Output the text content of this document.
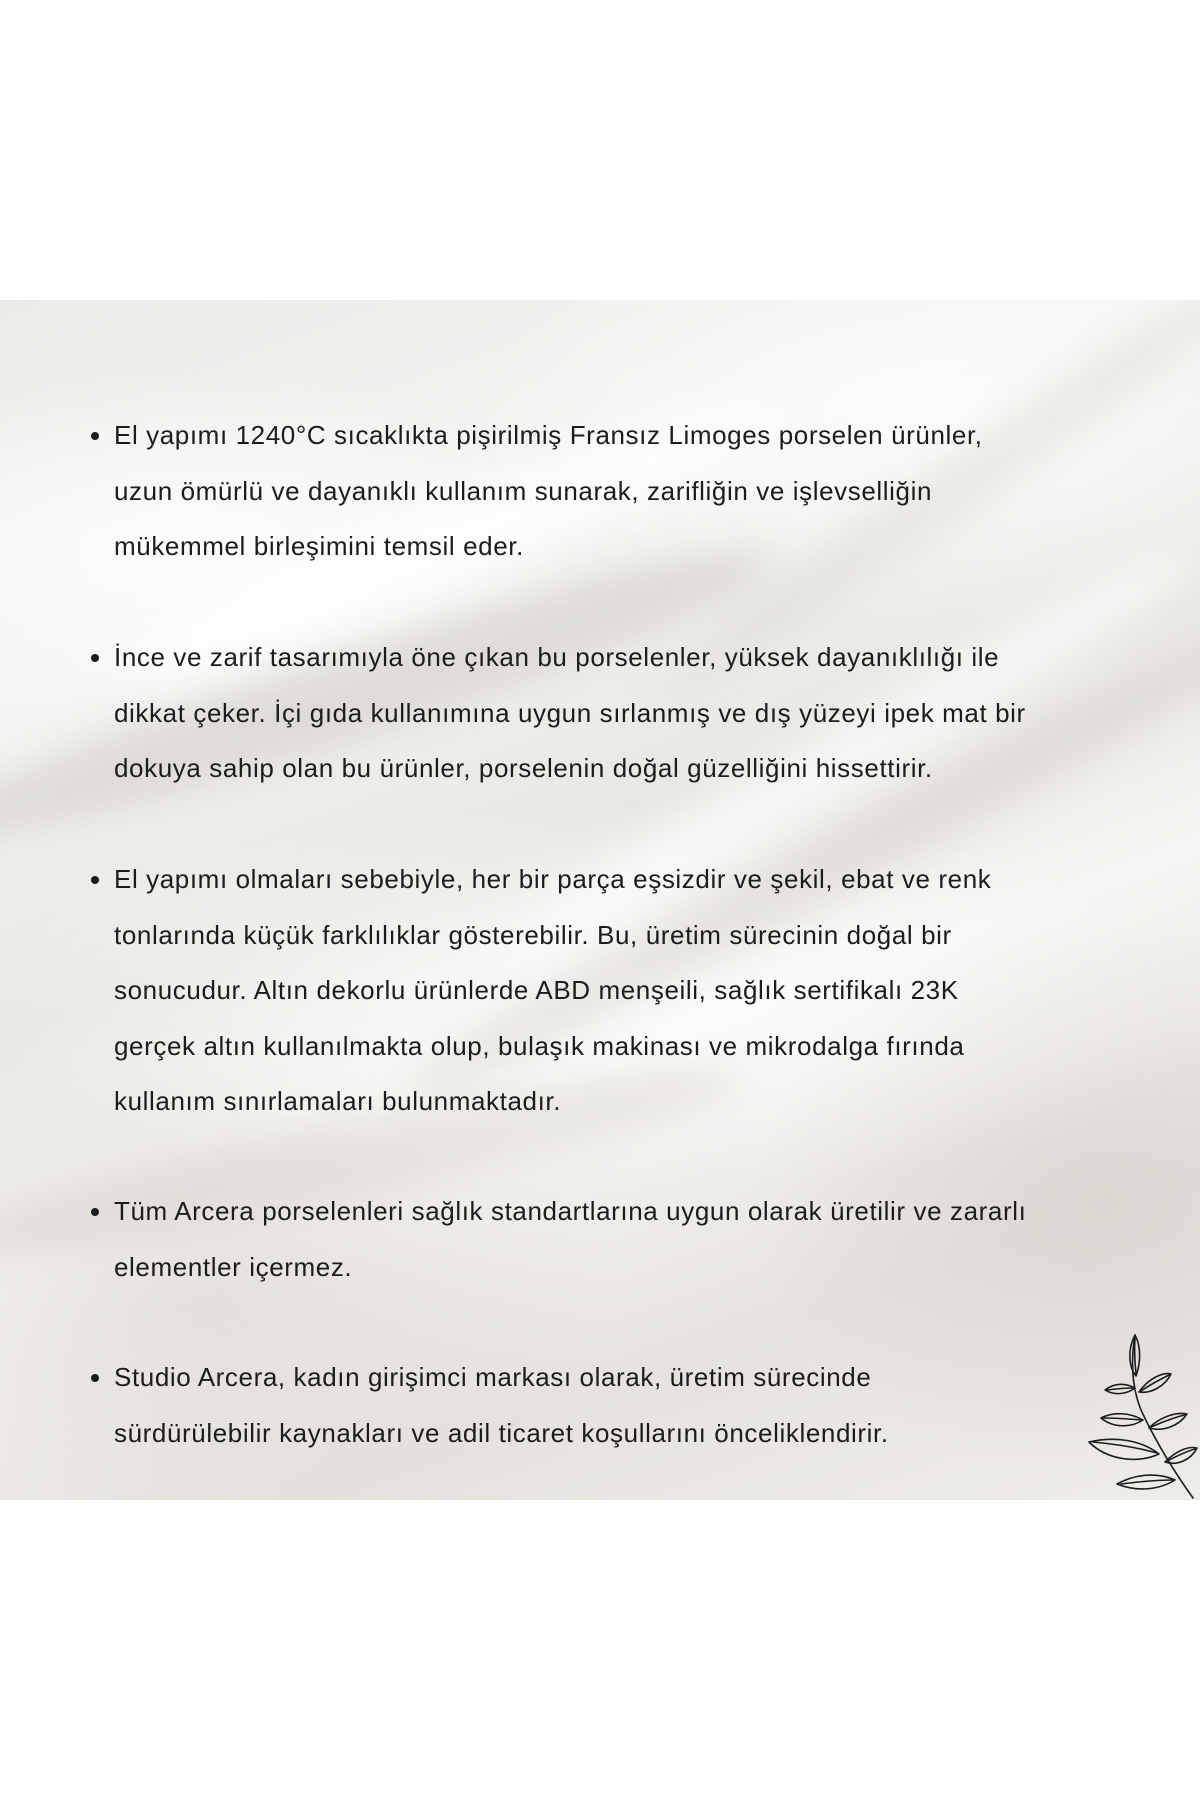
El yapımı 1240°C sıcaklıkta pişirilmiş Fransız Limoges porselen ürünler,
uzun ömürlü ve dayanıklı kullanım sunarak, zarifliğin ve işlevselliğin
mükemmel birleşimini temsil eder.
İnce ve zarif tasarımıyla öne çıkan bu porselenler, yüksek dayanıklılığı ile
dikkat çeker. İçi gıda kullanımına uygun sırlanmış ve dış yüzeyi ipek mat bir
dokuya sahip olan bu ürünler, porselenin doğal güzelliğini hissettirir.
El yapımı olmaları sebebiyle, her bir parça eşsizdir ve şekil, ebat ve renk
tonlarında küçük farklılıklar gösterebilir. Bu, üretim sürecinin doğal bir
sonucudur. Altın dekorlu ürünlerde ABD menşeili, sağlık sertifikalı 23K
gerçek altın kullanılmakta olup, bulaşık makinası ve mikrodalga fırında
kullanım sınırlamaları bulunmaktadır.
Tüm Arcera porselenleri sağlık standartlarına uygun olarak üretilir ve zararlı
elementler içermez.
Studio Arcera, kadın girişimci markası olarak, üretim sürecinde
sürdürülebilir kaynakları ve adil ticaret koşullarını önceliklendirir.
